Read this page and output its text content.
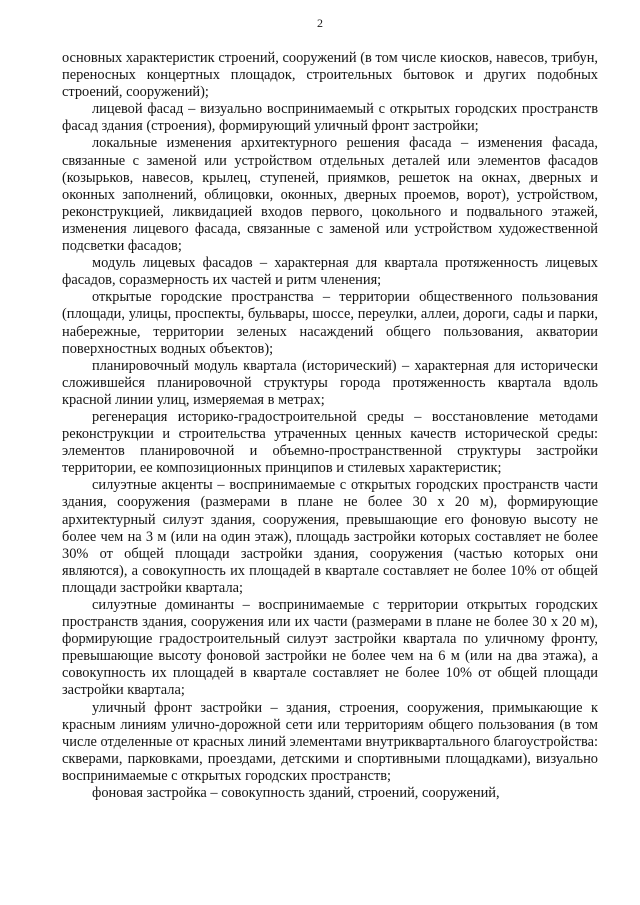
2

основных характеристик строений, сооружений (в том числе киосков, навесов, трибун, переносных концертных площадок, строительных бытовок и других подобных строений, сооружений);

лицевой фасад – визуально воспринимаемый с открытых городских пространств фасад здания (строения), формирующий уличный фронт застройки;

локальные изменения архитектурного решения фасада – изменения фасада, связанные с заменой или устройством отдельных деталей или элементов фасадов (козырьков, навесов, крылец, ступеней, приямков, решеток на окнах, дверных и оконных заполнений, облицовки, оконных, дверных проемов, ворот), устройством, реконструкцией, ликвидацией входов первого, цокольного и подвального этажей, изменения лицевого фасада, связанные с заменой или устройством художественной подсветки фасадов;

модуль лицевых фасадов – характерная для квартала протяженность лицевых фасадов, соразмерность их частей и ритм членения;

открытые городские пространства – территории общественного пользования (площади, улицы, проспекты, бульвары, шоссе, переулки, аллеи, дороги, сады и парки, набережные, территории зеленых насаждений общего пользования, акватории поверхностных водных объектов);

планировочный модуль квартала (исторический) – характерная для исторически сложившейся планировочной структуры города протяженность квартала вдоль красной линии улиц, измеряемая в метрах;

регенерация историко-градостроительной среды – восстановление методами реконструкции и строительства утраченных ценных качеств исторической среды: элементов планировочной и объемно-пространственной структуры застройки территории, ее композиционных принципов и стилевых характеристик;

силуэтные акценты – воспринимаемые с открытых городских пространств части здания, сооружения (размерами в плане не более 30 х 20 м), формирующие архитектурный силуэт здания, сооружения, превышающие его фоновую высоту не более чем на 3 м (или на один этаж), площадь застройки которых составляет не более 30% от общей площади застройки здания, сооружения (частью которых они являются), а совокупность их площадей в квартале составляет не более 10% от общей площади застройки квартала;

силуэтные доминанты – воспринимаемые с территории открытых городских пространств здания, сооружения или их части (размерами в плане не более 30 х 20 м), формирующие градостроительный силуэт застройки квартала по уличному фронту, превышающие высоту фоновой застройки не более чем на 6 м (или на два этажа), а совокупность их площадей в квартале составляет не более 10% от общей площади застройки квартала;

уличный фронт застройки – здания, строения, сооружения, примыкающие к красным линиям улично-дорожной сети или территориям общего пользования (в том числе отделенные от красных линий элементами внутриквартального благоустройства: скверами, парковками, проездами, детскими и спортивными площадками), визуально воспринимаемые с открытых городских пространств;

фоновая застройка – совокупность зданий, строений, сооружений,
